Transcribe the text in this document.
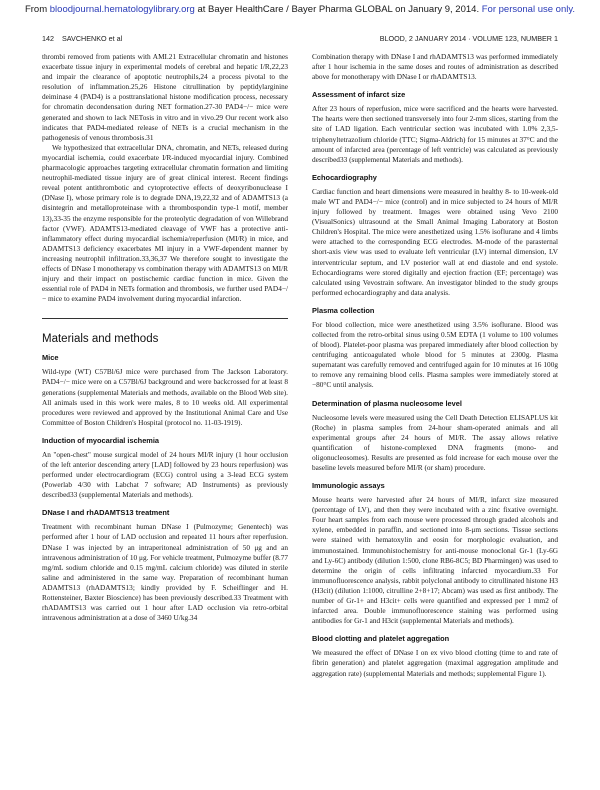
From bloodjournal.hematologylibrary.org at Bayer HealthCare / Bayer Pharma GLOBAL on January 9, 2014. For personal use only.
142 SAVCHENKO et al	BLOOD, 2 JANUARY 2014 · VOLUME 123, NUMBER 1

thrombi removed from patients with AMI.21 Extracellular chromatin and histones exacerbate tissue injury in experimental models of cerebral and hepatic I/R,22,23 and impair the clearance of apoptotic neutrophils,24 a process pivotal to the resolution of inflammation.25,26 Histone citrullination by peptidylarginine deiminase 4 (PAD4) is a posttranslational histone modification process, necessary for chromatin decondensation during NET formation.27-30 PAD4−/− mice were generated and shown to lack NETosis in vitro and in vivo.29 Our recent work also indicates that PAD4-mediated release of NETs is a crucial mechanism in the pathogenesis of venous thrombosis.31

We hypothesized that extracellular DNA, chromatin, and NETs, released during myocardial ischemia, could exacerbate I/R-induced myocardial injury. Combined pharmacologic approaches targeting extracellular chromatin formation and limiting neutrophil-mediated tissue injury are of great clinical interest. Recent findings reveal potent antithrombotic and cytoprotective effects of deoxyribonuclease I (DNase I), whose primary role is to degrade DNA,19,22,32 and of ADAMTS13 (a disintegrin and metalloproteinase with a thrombospondin type-1 motif, member 13),33-35 the enzyme responsible for the proteolytic degradation of von Willebrand factor (VWF). ADAMTS13-mediated cleavage of VWF has a protective anti-inflammatory effect during myocardial ischemia/reperfusion (MI/R) in mice, and ADAMTS13 deficiency exacerbates MI injury in a VWF-dependent manner by increasing neutrophil infiltration.33,36,37 We therefore sought to investigate the effects of DNase I monotherapy vs combination therapy with ADAMTS13 on MI/R injury and their impact on postischemic cardiac function in mice. Given the essential role of PAD4 in NETs formation and thrombosis, we further used PAD4−/− mice to examine PAD4 involvement during myocardial infarction.

Materials and methods
Mice

Wild-type (WT) C57Bl/6J mice were purchased from The Jackson Laboratory. PAD4−/− mice were on a C57Bl/6J background and were backcrossed for at least 8 generations (supplemental Materials and methods, available on the Blood Web site). All animals used in this work were males, 8 to 10 weeks old. All experimental procedures were reviewed and approved by the Institutional Animal Care and Use Committee of Boston Children's Hospital (protocol no. 11-03-1919).

Induction of myocardial ischemia

An "open-chest" mouse surgical model of 24 hours MI/R injury (1 hour occlusion of the left anterior descending artery [LAD] followed by 23 hours reperfusion) was performed under electrocardiogram (ECG) control using a 3-lead ECG system (Powerlab 4/30 with Labchat 7 software; AD Instruments) as previously described33 (supplemental Materials and methods).

DNase I and rhADAMTS13 treatment

Treatment with recombinant human DNase I (Pulmozyme; Genentech) was performed after 1 hour of LAD occlusion and repeated 11 hours after reperfusion. DNase I was injected by an intraperitoneal administration of 50 μg and an intravenous administration of 10 μg. For vehicle treatment, Pulmozyme buffer (8.77 mg/mL sodium chloride and 0.15 mg/mL calcium chloride) was diluted in sterile saline and administered in the same way. Preparation of recombinant human ADAMTS13 (rhADAMTS13; kindly provided by F. Scheiflinger and H. Rottensteiner, Baxter Bioscience) has been previously described.33 Treatment with rhADAMTS13 was carried out 1 hour after LAD occlusion via retro-orbital intravenous administration at a dose of 3460 U/kg.34

Combination therapy with DNase I and rhADAMTS13 was performed immediately after 1 hour ischemia in the same doses and routes of administration as described above for monotherapy with DNase I or rhADAMTS13.

Assessment of infarct size

After 23 hours of reperfusion, mice were sacrificed and the hearts were harvested. The hearts were then sectioned transversely into four 2-mm slices, starting from the site of LAD ligation. Each ventricular section was incubated with 1.0% 2,3,5-triphenyltetrazolium chloride (TTC; Sigma-Aldrich) for 15 minutes at 37°C and the amount of infarcted area (percentage of left ventricle) was calculated as previously described33 (supplemental Materials and methods).

Echocardiography

Cardiac function and heart dimensions were measured in healthy 8- to 10-week-old male WT and PAD4−/− mice (control) and in mice subjected to 24 hours of MI/R injury followed by treatment. Images were obtained using Vevo 2100 (VisualSonics) ultrasound at the Small Animal Imaging Laboratory at Boston Children's Hospital. The mice were anesthetized using 1.5% isoflurane and 4 limbs were attached to the corresponding ECG electrodes. M-mode of the parasternal short-axis view was used to evaluate left ventricular (LV) internal dimension, LV interventricular septum, and LV posterior wall at end diastole and end systole. Echocardiograms were stored digitally and ejection fraction (EF; percentage) was calculated using Vevostrain software. An investigator blinded to the study groups performed echocardiography and data analysis.

Plasma collection

For blood collection, mice were anesthetized using 3.5% isoflurane. Blood was collected from the retro-orbital sinus using 0.5M EDTA (1 volume to 100 volumes of blood). Platelet-poor plasma was prepared immediately after blood collection by centrifuging anticoagulated whole blood for 5 minutes at 2300g. Plasma supernatant was carefully removed and centrifuged again for 10 minutes at 16 100g to remove any remaining blood cells. Plasma samples were immediately stored at −80°C until analysis.

Determination of plasma nucleosome level

Nucleosome levels were measured using the Cell Death Detection ELISAPLUS kit (Roche) in plasma samples from 24-hour sham-operated animals and all experimental groups after 24 hours of MI/R. The assay allows relative quantification of histone-complexed DNA fragments (mono- and oligonucleosomes). Results are presented as fold increase for each mouse over the baseline levels measured before MI/R (or sham) procedure.

Immunologic assays

Mouse hearts were harvested after 24 hours of MI/R, infarct size measured (percentage of LV), and then they were incubated with a zinc fixative overnight. Four heart samples from each mouse were processed through graded alcohols and xylene, embedded in paraffin, and sectioned into 8-μm sections. Tissue sections were stained with hematoxylin and eosin for morphologic evaluation, and immunostained. Immunohistochemistry for anti-mouse monoclonal Gr-1 (Ly-6G and Ly-6C) antibody (dilution 1:500, clone RB6-8C5; BD Pharmingen) was used to determine the origin of cells infiltrating infarcted myocardium.33 For immunofluorescence analysis, rabbit polyclonal antibody to citrullinated histone H3 (H3cit) (dilution 1:1000, citrulline 2+8+17; Abcam) was used as first antibody. The number of Gr-1+ and H3cit+ cells were quantified and expressed per 1 mm2 of infarcted area. Double immunofluorescence staining was performed using antibodies for Gr-1 and H3cit (supplemental Materials and methods).

Blood clotting and platelet aggregation

We measured the effect of DNase I on ex vivo blood clotting (time to and rate of fibrin generation) and platelet aggregation (maximal aggregation amplitude and aggregation rate) (supplemental Materials and methods; supplemental Figure 1).
